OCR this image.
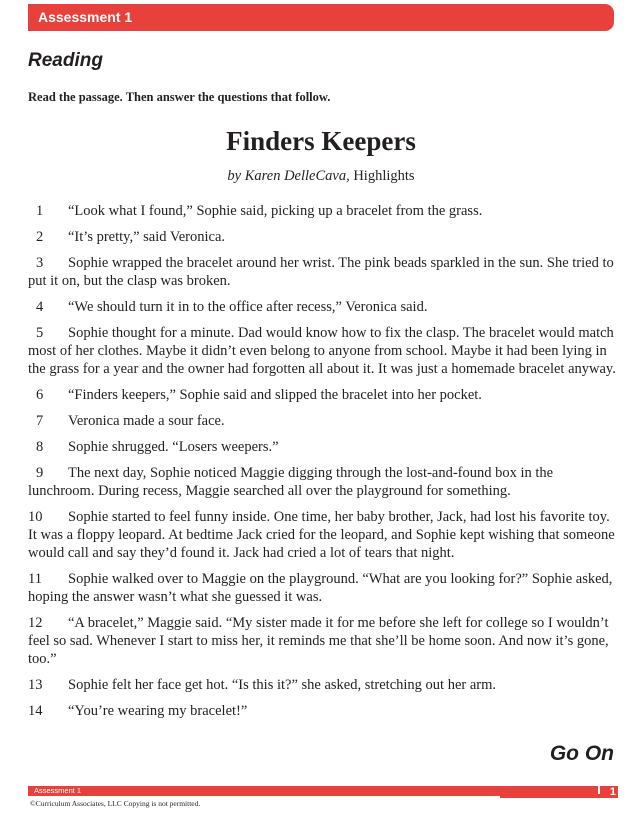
Assessment 1
Reading

Read the passage. Then answer the questions that follow.

Finders Keepers
by Karen DelleCava, Highlights

1 “Look what I found,” Sophie said, picking up a bracelet from the grass.

2 “It’s pretty,” said Veronica.

3 Sophie wrapped the bracelet around her wrist. The pink beads sparkled in the sun. She tried to put it on, but the clasp was broken.

4 “We should turn it in to the office after recess,” Veronica said.

5 Sophie thought for a minute. Dad would know how to fix the clasp. The bracelet would match most of her clothes. Maybe it didn’t even belong to anyone from school. Maybe it had been lying in the grass for a year and the owner had forgotten all about it. It was just a homemade bracelet anyway.

6 “Finders keepers,” Sophie said and slipped the bracelet into her pocket.

7 Veronica made a sour face.

8 Sophie shrugged. “Losers weepers.”

9 The next day, Sophie noticed Maggie digging through the lost-and-found box in the lunchroom. During recess, Maggie searched all over the playground for something.

10 Sophie started to feel funny inside. One time, her baby brother, Jack, had lost his favorite toy. It was a floppy leopard. At bedtime Jack cried for the leopard, and Sophie kept wishing that someone would call and say they’d found it. Jack had cried a lot of tears that night.

11 Sophie walked over to Maggie on the playground. “What are you looking for?” Sophie asked, hoping the answer wasn’t what she guessed it was.

12 “A bracelet,” Maggie said. “My sister made it for me before she left for college so I wouldn’t feel so sad. Whenever I start to miss her, it reminds me that she’ll be home soon. And now it’s gone, too.”

13 Sophie felt her face get hot. “Is this it?” she asked, stretching out her arm.

14 “You’re wearing my bracelet!”

Go On
Assessment 1	1
©Curriculum Associates, LLC Copying is not permitted.
